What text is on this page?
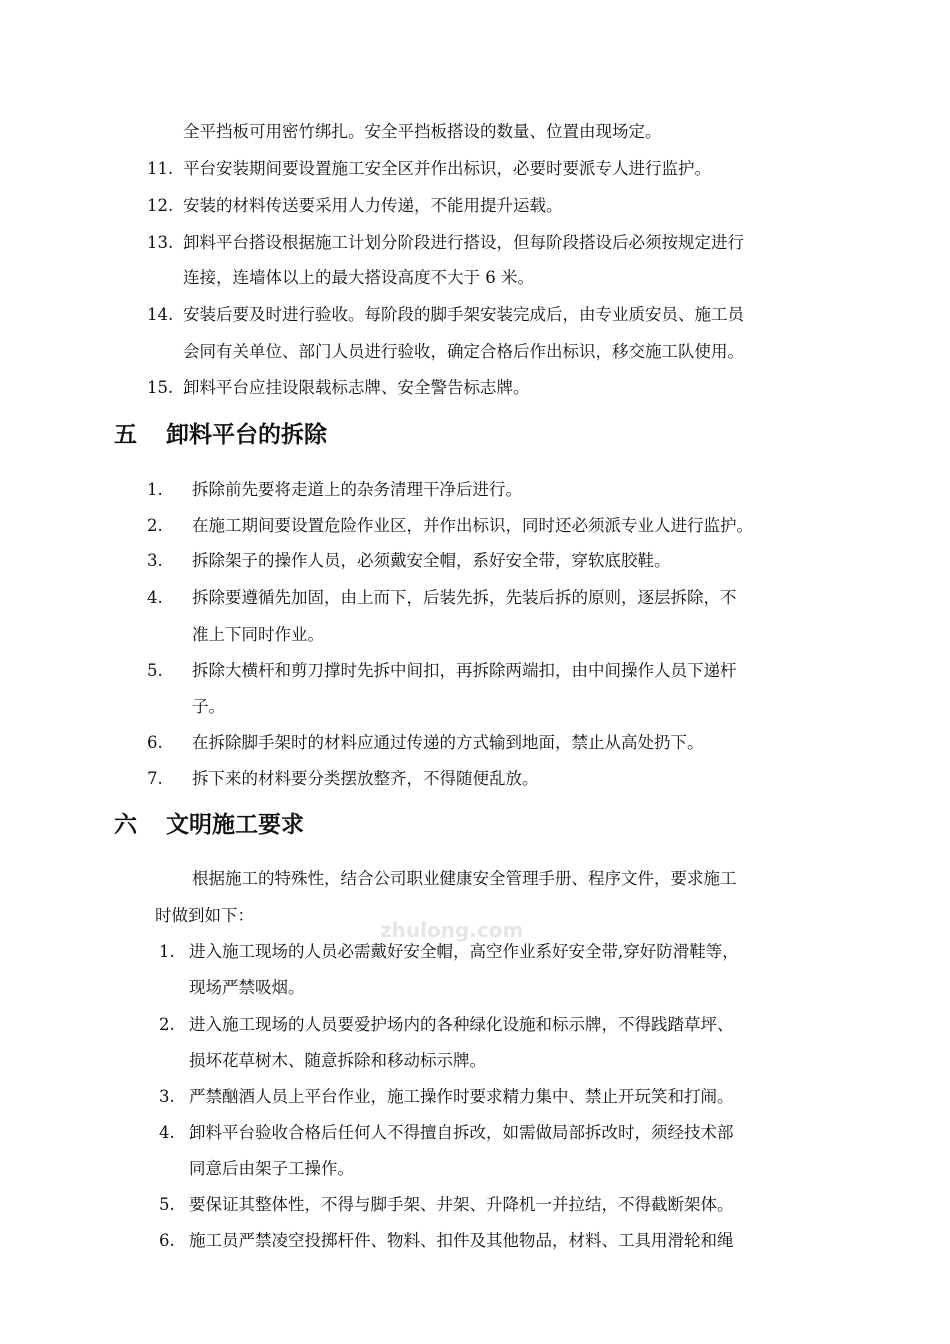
zhulong.com
全平挡板可用密竹绑扎。安全平挡板搭设的数量、位置由现场定。
11. 平台安装期间要设置施工安全区并作出标识，必要时要派专人进行监护。
12. 安装的材料传送要采用人力传递，不能用提升运载。
13. 卸料平台搭设根据施工计划分阶段进行搭设，但每阶段搭设后必须按规定进行
连接，连墙体以上的最大搭设高度不大于 6 米。
14. 安装后要及时进行验收。每阶段的脚手架安装完成后，由专业质安员、施工员
会同有关单位、部门人员进行验收，确定合格后作出标识，移交施工队使用。
15. 卸料平台应挂设限载标志牌、安全警告标志牌。
五 卸料平台的拆除
1. 拆除前先要将走道上的杂务清理干净后进行。
2. 在施工期间要设置危险作业区，并作出标识，同时还必须派专业人进行监护。
3. 拆除架子的操作人员，必须戴安全帽，系好安全带，穿软底胶鞋。
4. 拆除要遵循先加固，由上而下，后装先拆，先装后拆的原则，逐层拆除，不
准上下同时作业。
5. 拆除大横杆和剪刀撑时先拆中间扣，再拆除两端扣，由中间操作人员下递杆
子。
6. 在拆除脚手架时的材料应通过传递的方式输到地面，禁止从高处扔下。
7. 拆下来的材料要分类摆放整齐，不得随便乱放。
六 文明施工要求
根据施工的特殊性，结合公司职业健康安全管理手册、程序文件，要求施工
时做到如下：
1. 进入施工现场的人员必需戴好安全帽，高空作业系好安全带,穿好防滑鞋等，
现场严禁吸烟。
2. 进入施工现场的人员要爱护场内的各种绿化设施和标示牌，不得践踏草坪、
损坏花草树木、随意拆除和移动标示牌。
3. 严禁酗酒人员上平台作业，施工操作时要求精力集中、禁止开玩笑和打闹。
4. 卸料平台验收合格后任何人不得擅自拆改，如需做局部拆改时，须经技术部
同意后由架子工操作。
5. 要保证其整体性，不得与脚手架、井架、升降机一并拉结，不得截断架体。
6. 施工员严禁凌空投掷杆件、物料、扣件及其他物品，材料、工具用滑轮和绳
